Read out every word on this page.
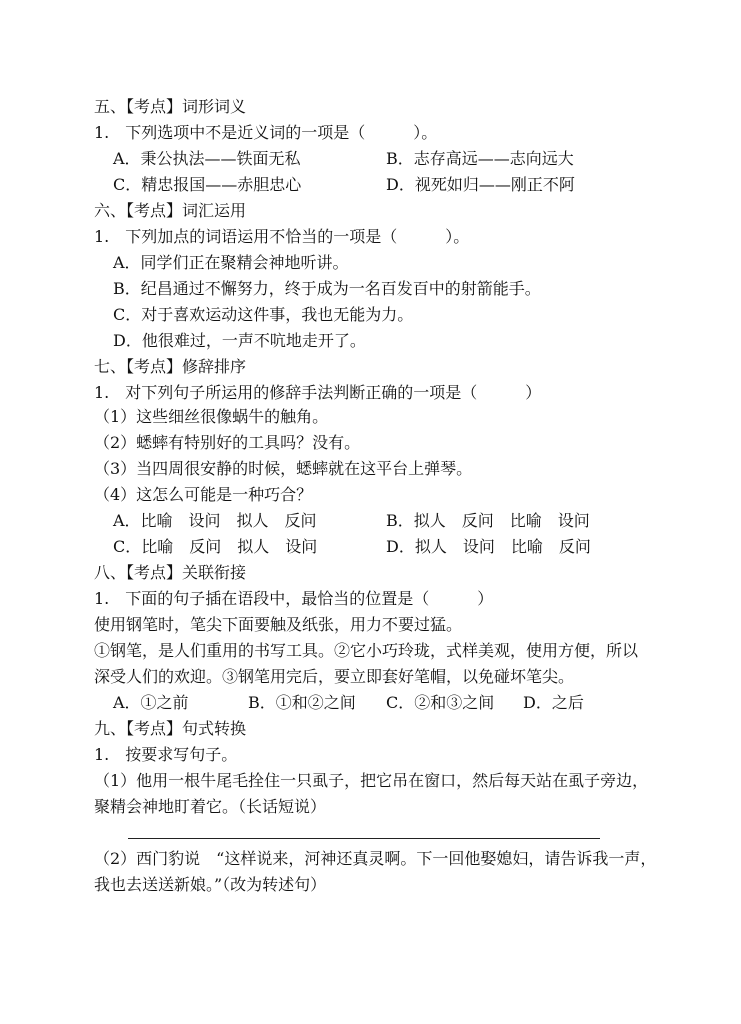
五、【考点】词形词义
1.　下列选项中不是近义词的一项是（　　　）。
A．秉公执法——铁面无私	B．志存高远——志向远大
C．精忠报国——赤胆忠心	D．视死如归——刚正不阿
六、【考点】词汇运用
1.　下列加点的词语运用不恰当的一项是（　　　）。
A．同学们正在聚精会神地听讲。
B．纪昌通过不懈努力，终于成为一名百发百中的射箭能手。
C．对于喜欢运动这件事，我也无能为力。
D．他很难过，一声不吭地走开了。
七、【考点】修辞排序
1.　对下列句子所运用的修辞手法判断正确的一项是（　　　）
（1）这些细丝很像蜗牛的触角。
（2）蟋蟀有特别好的工具吗？没有。
（3）当四周很安静的时候，蟋蟀就在这平台上弹琴。
（4）这怎么可能是一种巧合？
A．比喻　设问　拟人　反问	B．拟人　反问　比喻　设问
C．比喻　反问　拟人　设问	D．拟人　设问　比喻　反问
八、【考点】关联衔接
1.　下面的句子插在语段中，最恰当的位置是（　　　）
使用钢笔时，笔尖下面要触及纸张，用力不要过猛。
①钢笔，是人们重用的书写工具。②它小巧玲珑，式样美观，使用方便，所以
深受人们的欢迎。③钢笔用完后，要立即套好笔帽，以免碰坏笔尖。
A．①之前	B．①和②之间 C．②和③之间 D．之后
九、【考点】句式转换
1.　按要求写句子。
（1）他用一根牛尾毛拴住一只虱子，把它吊在窗口，然后每天站在虱子旁边，
聚精会神地盯着它。（长话短说）
（2）西门豹说　“这样说来，河神还真灵啊。下一回他娶媳妇，请告诉我一声，
我也去送送新娘。”（改为转述句）
